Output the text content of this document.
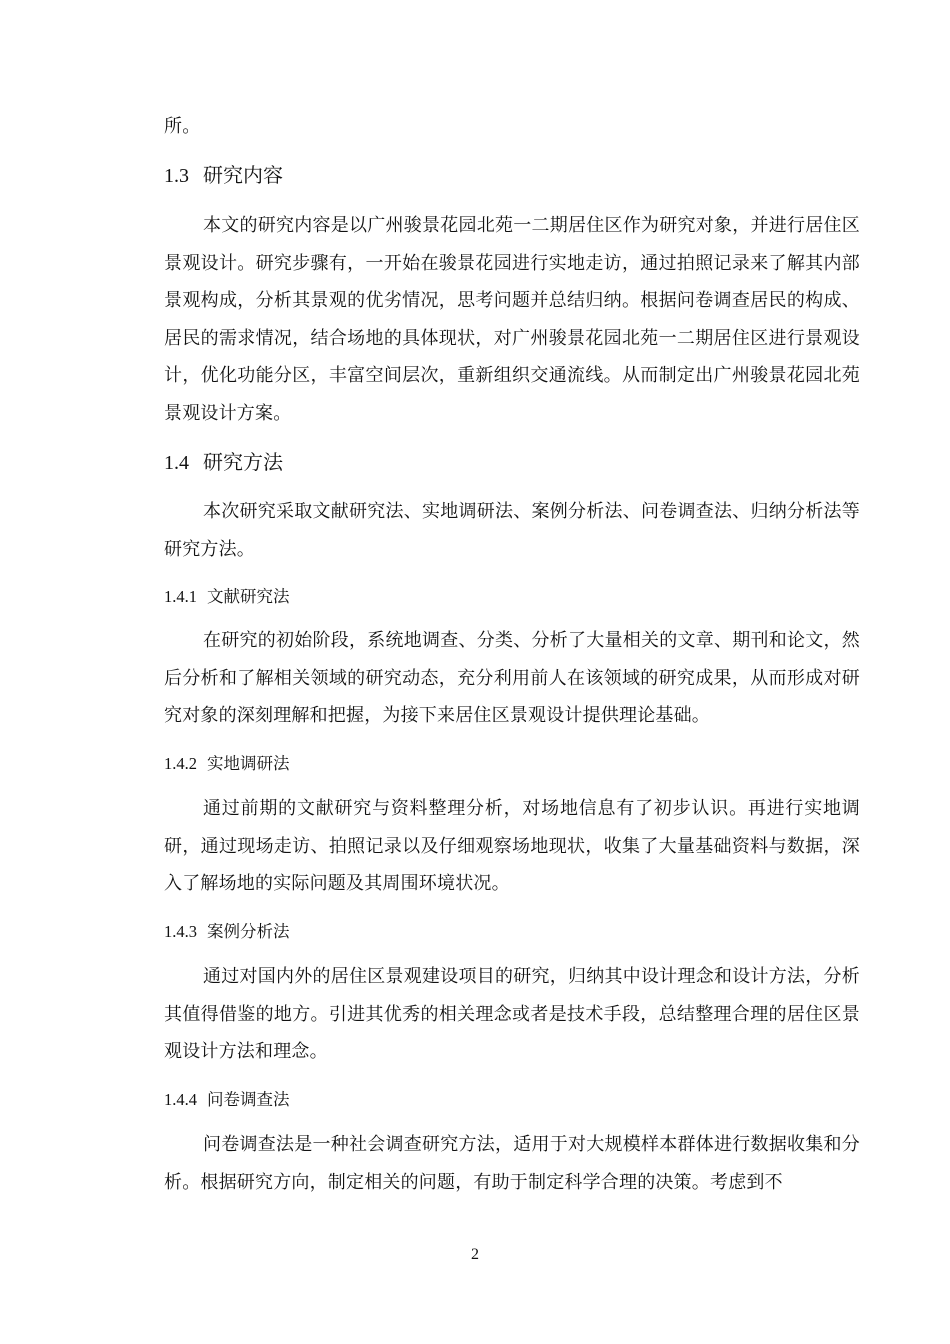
所。
1.3 研究内容
本文的研究内容是以广州骏景花园北苑一二期居住区作为研究对象，并进行居住区景观设计。研究步骤有，一开始在骏景花园进行实地走访，通过拍照记录来了解其内部景观构成，分析其景观的优劣情况，思考问题并总结归纳。根据问卷调查居民的构成、居民的需求情况，结合场地的具体现状，对广州骏景花园北苑一二期居住区进行景观设计，优化功能分区，丰富空间层次，重新组织交通流线。从而制定出广州骏景花园北苑景观设计方案。
1.4 研究方法
本次研究采取文献研究法、实地调研法、案例分析法、问卷调查法、归纳分析法等研究方法。
1.4.1 文献研究法
在研究的初始阶段，系统地调查、分类、分析了大量相关的文章、期刊和论文，然后分析和了解相关领域的研究动态，充分利用前人在该领域的研究成果，从而形成对研究对象的深刻理解和把握，为接下来居住区景观设计提供理论基础。
1.4.2 实地调研法
通过前期的文献研究与资料整理分析，对场地信息有了初步认识。再进行实地调研，通过现场走访、拍照记录以及仔细观察场地现状，收集了大量基础资料与数据，深入了解场地的实际问题及其周围环境状况。
1.4.3 案例分析法
通过对国内外的居住区景观建设项目的研究，归纳其中设计理念和设计方法，分析其值得借鉴的地方。引进其优秀的相关理念或者是技术手段，总结整理合理的居住区景观设计方法和理念。
1.4.4 问卷调查法
问卷调查法是一种社会调查研究方法，适用于对大规模样本群体进行数据收集和分析。根据研究方向，制定相关的问题，有助于制定科学合理的决策。考虑到不
2
